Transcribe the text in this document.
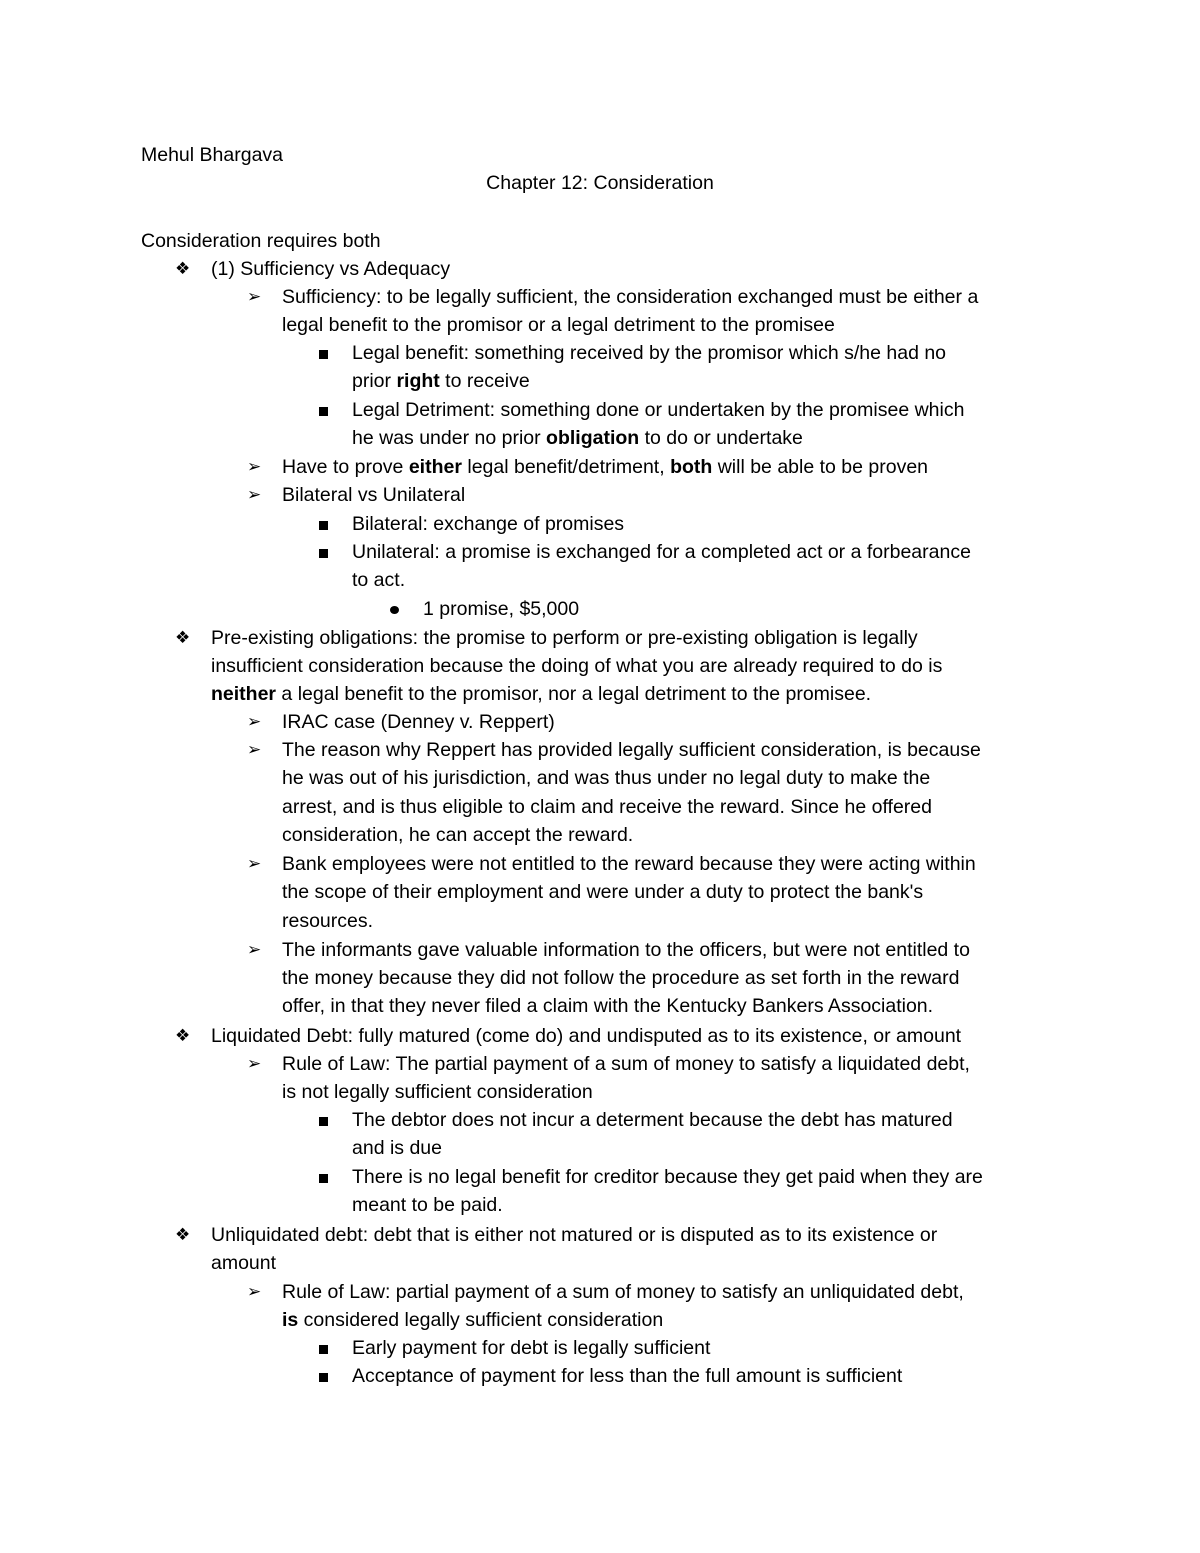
Mehul Bhargava
Chapter 12: Consideration
Consideration requires both
❖ (1) Sufficiency vs Adequacy
➢ Sufficiency: to be legally sufficient, the consideration exchanged must be either a
legal benefit to the promisor or a legal detriment to the promisee
Legal benefit: something received by the promisor which s/he had no
prior right to receive
Legal Detriment: something done or undertaken by the promisee which
he was under no prior obligation to do or undertake
➢ Have to prove either legal benefit/detriment, both will be able to be proven
➢ Bilateral vs Unilateral
Bilateral: exchange of promises
Unilateral: a promise is exchanged for a completed act or a forbearance
to act.
1 promise, $5,000
❖ Pre-existing obligations: the promise to perform or pre-existing obligation is legally
insufficient consideration because the doing of what you are already required to do is
neither a legal benefit to the promisor, nor a legal detriment to the promisee.
➢ IRAC case (Denney v. Reppert)
➢ The reason why Reppert has provided legally sufficient consideration, is because
he was out of his jurisdiction, and was thus under no legal duty to make the
arrest, and is thus eligible to claim and receive the reward. Since he offered
consideration, he can accept the reward.
➢ Bank employees were not entitled to the reward because they were acting within
the scope of their employment and were under a duty to protect the bank's
resources.
➢ The informants gave valuable information to the officers, but were not entitled to
the money because they did not follow the procedure as set forth in the reward
offer, in that they never filed a claim with the Kentucky Bankers Association.
❖ Liquidated Debt: fully matured (come do) and undisputed as to its existence, or amount
➢ Rule of Law: The partial payment of a sum of money to satisfy a liquidated debt,
is not legally sufficient consideration
The debtor does not incur a determent because the debt has matured
and is due
There is no legal benefit for creditor because they get paid when they are
meant to be paid.
❖ Unliquidated debt: debt that is either not matured or is disputed as to its existence or
amount
➢ Rule of Law: partial payment of a sum of money to satisfy an unliquidated debt,
is considered legally sufficient consideration
Early payment for debt is legally sufficient
Acceptance of payment for less than the full amount is sufficient
